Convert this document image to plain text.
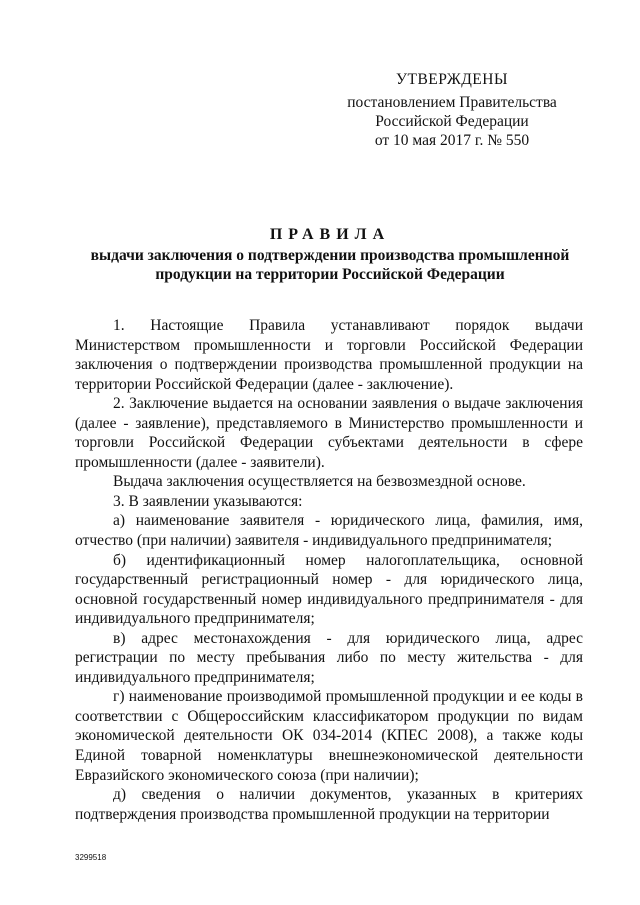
УТВЕРЖДЕНЫ
постановлением Правительства
Российской Федерации
от 10 мая 2017 г. № 550
ПРАВИЛА
выдачи заключения о подтверждении производства промышленной продукции на территории Российской Федерации

1. Настоящие Правила устанавливают порядок выдачи Министерством промышленности и торговли Российской Федерации заключения о подтверждении производства промышленной продукции на территории Российской Федерации (далее - заключение).

2. Заключение выдается на основании заявления о выдаче заключения (далее - заявление), представляемого в Министерство промышленности и торговли Российской Федерации субъектами деятельности в сфере промышленности (далее - заявители).

Выдача заключения осуществляется на безвозмездной основе.

3. В заявлении указываются:

а) наименование заявителя - юридического лица, фамилия, имя, отчество (при наличии) заявителя - индивидуального предпринимателя;

б) идентификационный номер налогоплательщика, основной государственный регистрационный номер - для юридического лица, основной государственный номер индивидуального предпринимателя - для индивидуального предпринимателя;

в) адрес местонахождения - для юридического лица, адрес регистрации по месту пребывания либо по месту жительства - для индивидуального предпринимателя;

г) наименование производимой промышленной продукции и ее коды в соответствии с Общероссийским классификатором продукции по видам экономической деятельности ОК 034-2014 (КПЕС 2008), а также коды Единой товарной номенклатуры внешнеэкономической деятельности Евразийского экономического союза (при наличии);

д) сведения о наличии документов, указанных в критериях подтверждения производства промышленной продукции на территории

3299518
